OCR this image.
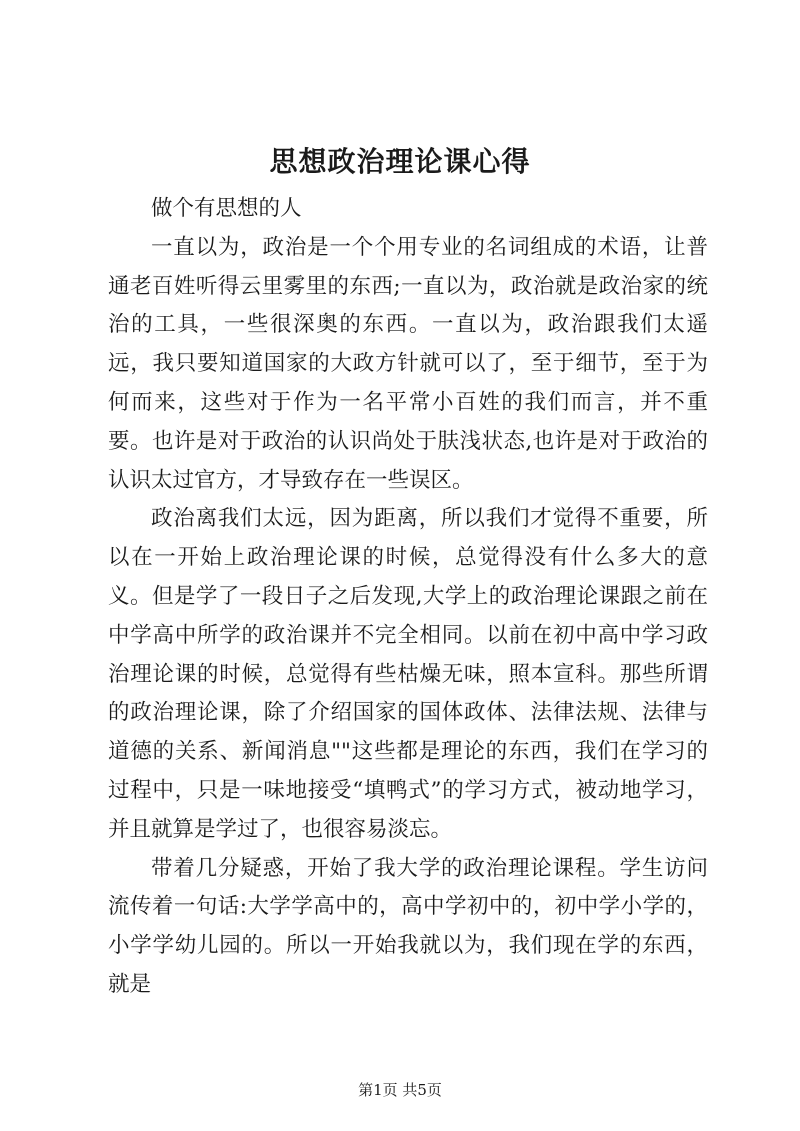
思想政治理论课心得

做个有思想的人

一直以为，政治是一个个用专业的名词组成的术语，让普通老百姓听得云里雾里的东西;一直以为，政治就是政治家的统治的工具，一些很深奥的东西。一直以为，政治跟我们太遥远，我只要知道国家的大政方针就可以了，至于细节，至于为何而来，这些对于作为一名平常小百姓的我们而言，并不重要。也许是对于政治的认识尚处于肤浅状态,也许是对于政治的认识太过官方，才导致存在一些误区。

政治离我们太远，因为距离，所以我们才觉得不重要，所以在一开始上政治理论课的时候，总觉得没有什么多大的意义。但是学了一段日子之后发现,大学上的政治理论课跟之前在中学高中所学的政治课并不完全相同。以前在初中高中学习政治理论课的时候，总觉得有些枯燥无味，照本宣科。那些所谓的政治理论课，除了介绍国家的国体政体、法律法规、法律与道德的关系、新闻消息""这些都是理论的东西，我们在学习的过程中，只是一味地接受“填鸭式”的学习方式，被动地学习，并且就算是学过了，也很容易淡忘。

带着几分疑惑，开始了我大学的政治理论课程。学生访问流传着一句话:大学学高中的，高中学初中的，初中学小学的，小学学幼儿园的。所以一开始我就以为，我们现在学的东西，就是

第1页 共5页
